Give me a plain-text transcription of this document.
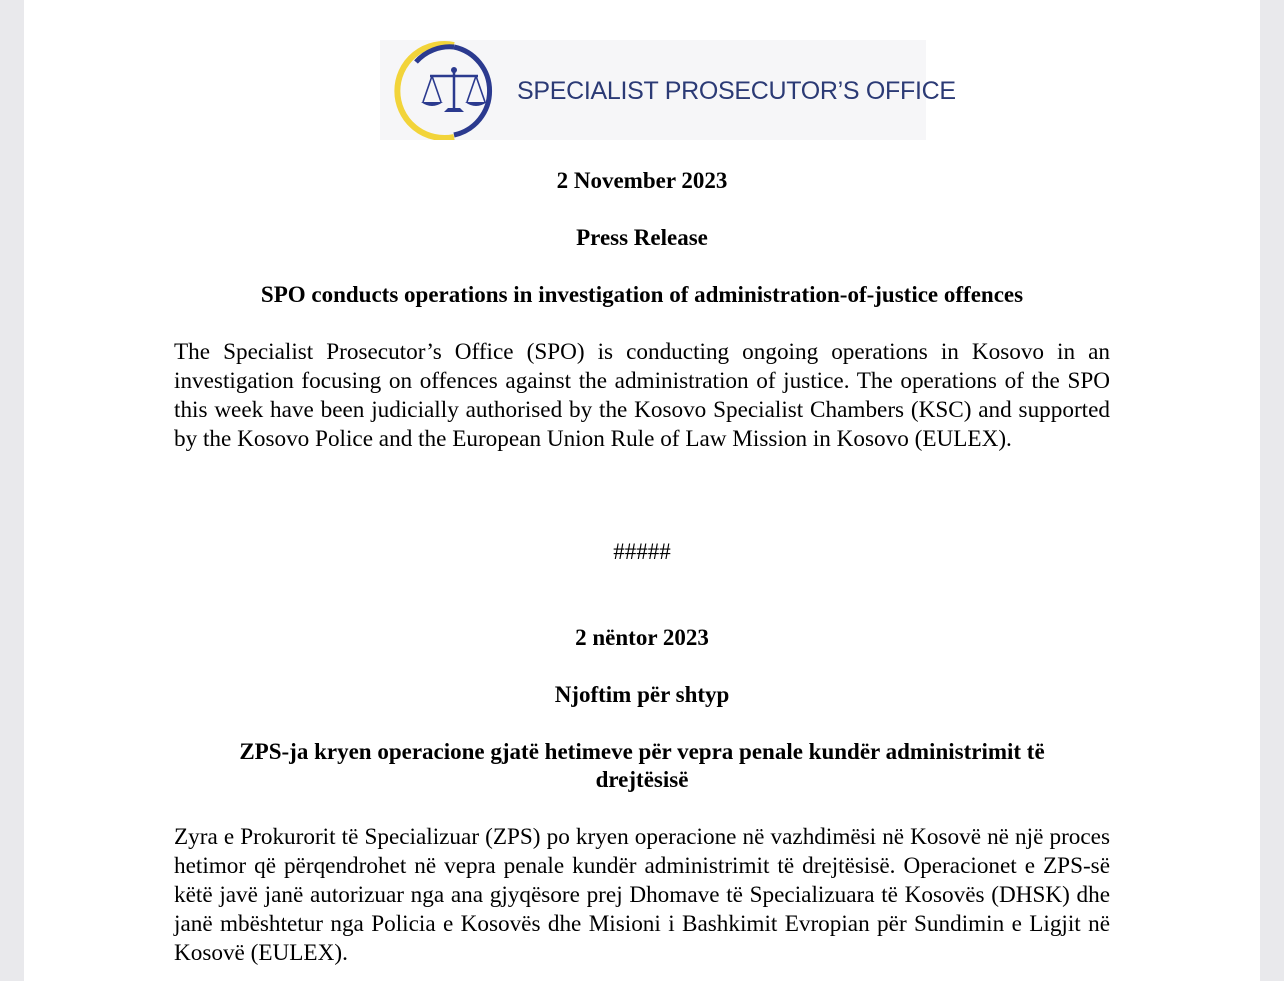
SPECIALIST PROSECUTOR’S OFFICE
2 November 2023
Press Release
SPO conducts operations in investigation of administration-of-justice offences
The Specialist Prosecutor’s Office (SPO) is conducting ongoing operations in Kosovo in an investigation focusing on offences against the administration of justice. The operations of the SPO this week have been judicially authorised by the Kosovo Specialist Chambers (KSC) and supported by the Kosovo Police and the European Union Rule of Law Mission in Kosovo (EULEX).
#####
2 nëntor 2023
Njoftim për shtyp
ZPS-ja kryen operacione gjatë hetimeve për vepra penale kundër administrimit të drejtësisë
Zyra e Prokurorit të Specializuar (ZPS) po kryen operacione në vazhdimësi në Kosovë në një proces hetimor që përqendrohet në vepra penale kundër administrimit të drejtësisë. Operacionet e ZPS-së këtë javë janë autorizuar nga ana gjyqësore prej Dhomave të Specializuara të Kosovës (DHSK) dhe janë mbështetur nga Policia e Kosovës dhe Misioni i Bashkimit Evropian për Sundimin e Ligjit në Kosovë (EULEX).
